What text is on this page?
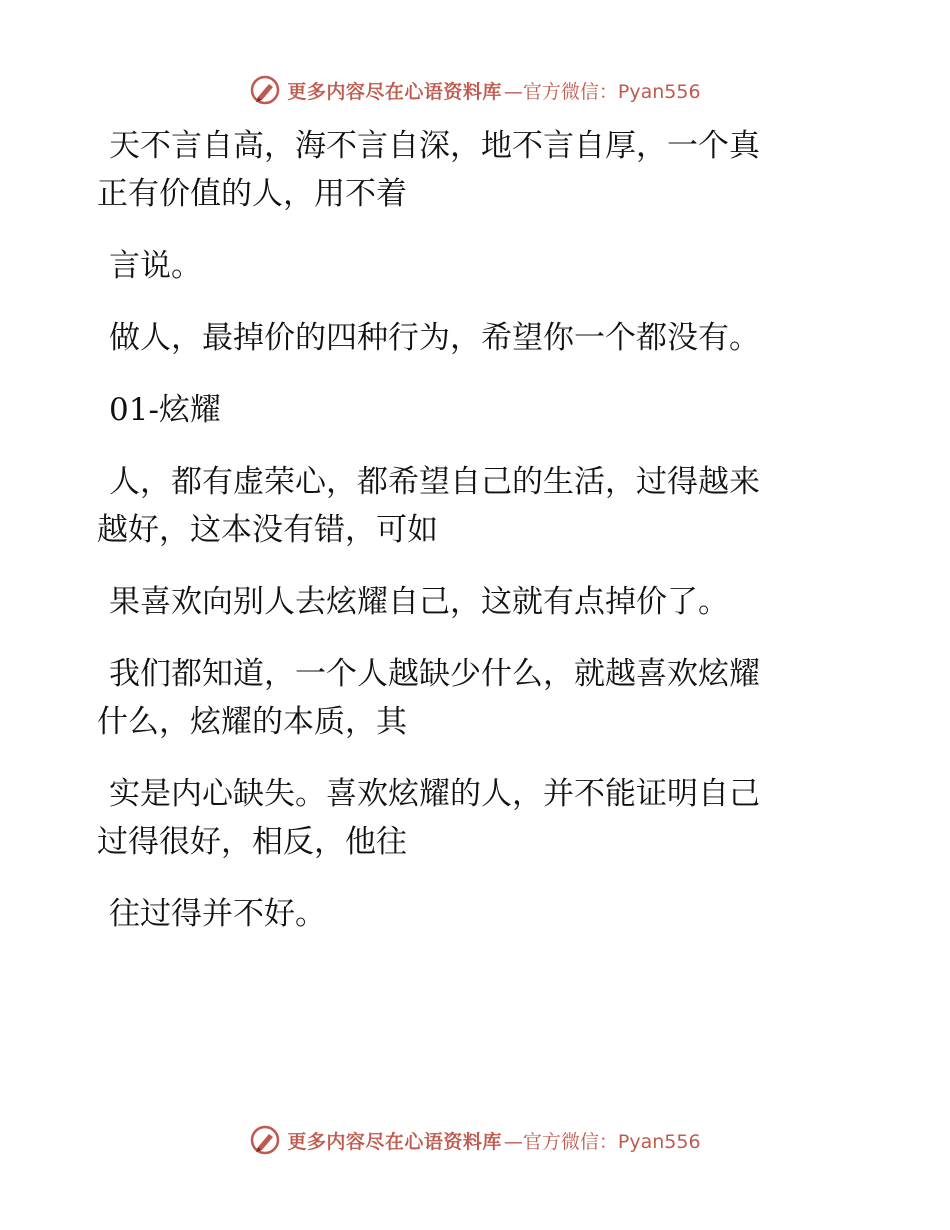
更多内容尽在心语资料库 —官方微信：Pyan556

天不言自高，海不言自深，地不言自厚，一个真

正有价值的人，用不着

言说。

做人，最掉价的四种行为，希望你一个都没有。

01-炫耀

人，都有虚荣心，都希望自己的生活，过得越来

越好，这本没有错，可如

果喜欢向别人去炫耀自己，这就有点掉价了。

我们都知道，一个人越缺少什么，就越喜欢炫耀

什么，炫耀的本质，其

实是内心缺失。喜欢炫耀的人，并不能证明自己

过得很好，相反，他往

往过得并不好。

更多内容尽在心语资料库 —官方微信：Pyan556
